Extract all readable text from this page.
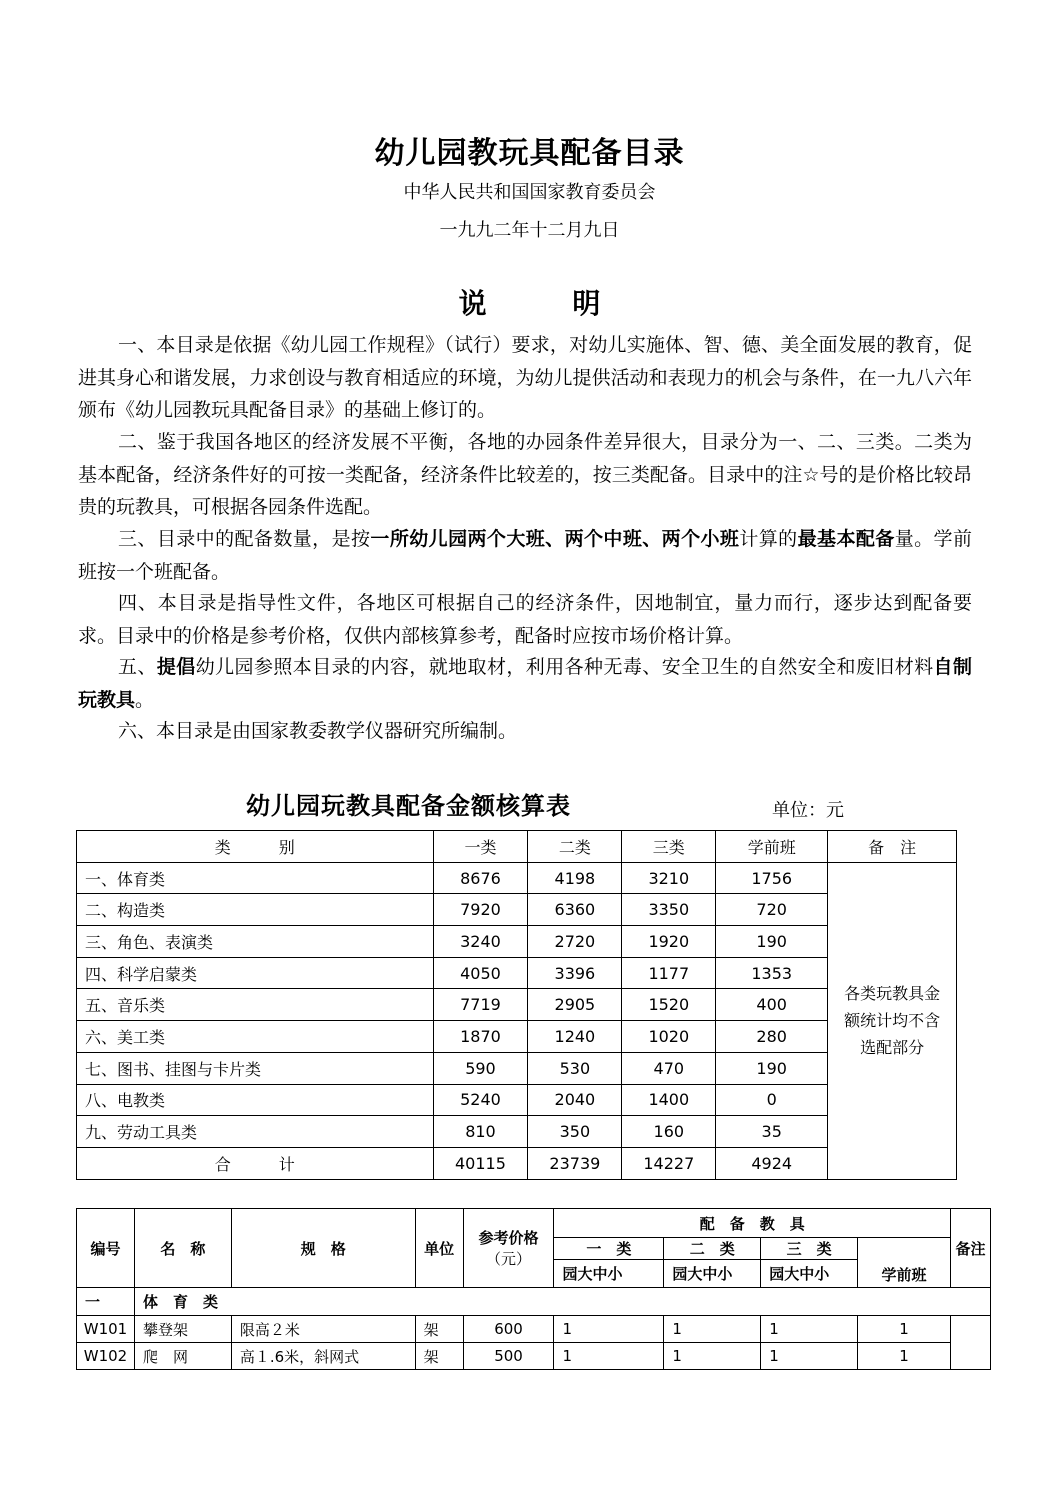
幼儿园教玩具配备目录
中华人民共和国国家教育委员会
一九九二年十二月九日
说 明
一、本目录是依据《幼儿园工作规程》（试行）要求，对幼儿实施体、智、德、美全面发展的教育，促进其身心和谐发展，力求创设与教育相适应的环境，为幼儿提供活动和表现力的机会与条件，在一九八六年颁布《幼儿园教玩具配备目录》的基础上修订的。
二、鉴于我国各地区的经济发展不平衡，各地的办园条件差异很大，目录分为一、二、三类。二类为基本配备，经济条件好的可按一类配备，经济条件比较差的，按三类配备。目录中的注☆号的是价格比较昂贵的玩教具，可根据各园条件选配。
三、目录中的配备数量，是按一所幼儿园两个大班、两个中班、两个小班计算的最基本配备量。学前班按一个班配备。
四、本目录是指导性文件，各地区可根据自己的经济条件，因地制宜，量力而行，逐步达到配备要求。目录中的价格是参考价格，仅供内部核算参考，配备时应按市场价格计算。
五、提倡幼儿园参照本目录的内容，就地取材，利用各种无毒、安全卫生的自然安全和废旧材料自制玩教具。
六、本目录是由国家教委教学仪器研究所编制。
幼儿园玩教具配备金额核算表	单位：元
类　　　别	一类	二类	三类	学前班	备　注
一、体育类	8676	4198	3210	1756	各类玩教具金额统计均不含选配部分
二、构造类	7920	6360	3350	720	
三、角色、表演类	3240	2720	1920	190	
四、科学启蒙类	4050	3396	1177	1353	
五、音乐类	7719	2905	1520	400	
六、美工类	1870	1240	1020	280	
七、图书、挂图与卡片类	590	530	470	190	
八、电教类	5240	2040	1400	0	
九、劳动工具类	810	350	160	35	
合　　　计	40115	23739	14227	4924	
编号	名　称	规　格	单位	参考价格
（元）	配　备　教　具				备注
					一　类	二　类	三　类	学前班	
					园大中小	园大中小	园大中小		
一	体　育　类								
W101	攀登架	限高２米	架	600	1	1	1	1	
W102	爬　网	高１.6米，斜网式	架	500	1	1	1	1	
